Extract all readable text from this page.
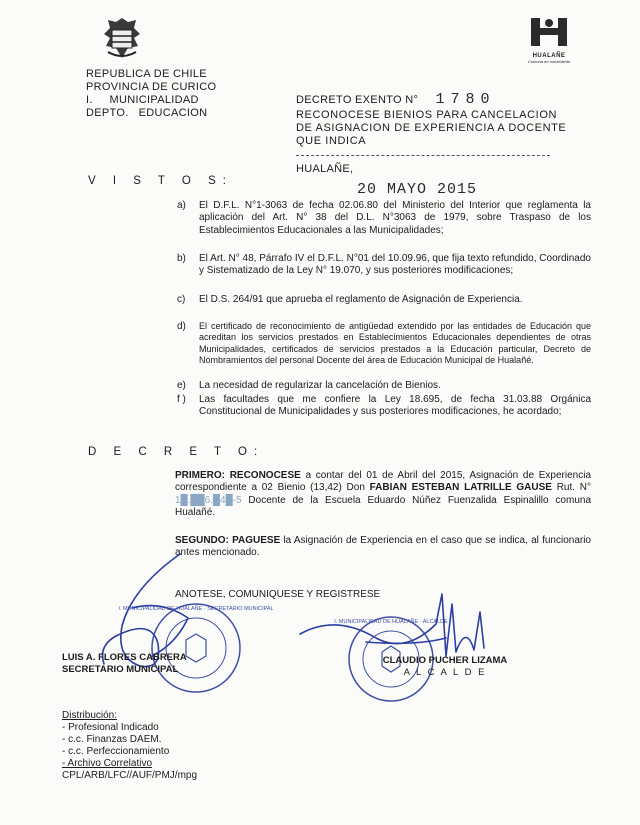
REPUBLICA DE CHILE
PROVINCIA DE CURICO
I.     MUNICIPALIDAD
DEPTO.   EDUCACION
HUALAÑE
Comuna en movimiento
DECRETO EXENTO N° 1780
RECONOCESE BIENIOS PARA CANCELACION
DE ASIGNACION DE EXPERIENCIA A DOCENTE
QUE INDICA
HUALAÑE,
20 MAYO 2015
V I S T O S:
a) El D.F.L. N°1-3063 de fecha 02.06.80 del Ministerio del Interior que reglamenta la aplicación del Art. N° 38 del D.L. N°3063 de 1979, sobre Traspaso de los Establecimientos Educacionales a las Municipalidades;
b) El Art. N° 48, Párrafo IV el D.F.L. N°01 del 10.09.96, que fija texto refundido, Coordinado y Sistematizado de la Ley N° 19.070, y sus posteriores modificaciones;
c) El D.S. 264/91 que aprueba el reglamento de Asignación de Experiencia.
d) El certificado de reconocimiento de antigüedad extendido por las entidades de Educación que acreditan los servicios prestados en Establecimientos Educacionales dependientes de otras Municipalidades, certificados de servicios prestados a la Educación particular, Decreto de Nombramientos del personal Docente del área de Educación Municipal de Hualañé.
e) La necesidad de regularizar la cancelación de Bienios.
f ) Las facultades que me confiere la Ley 18.695, de fecha 31.03.88 Orgánica Constitucional de Municipalidades y sus posteriores modificaciones, he acordado;
D E C R E T O:
PRIMERO: RECONOCESE a contar del 01 de Abril del 2015, Asignación de Experiencia correspondiente a 02 Bienio (13,42) Don FABIAN ESTEBAN LATRILLE GAUSE Rut. N° 1█.██6.█4█-5 Docente de la Escuela Eduardo Núñez Fuenzalida Espinalillo comuna Hualañé.
SEGUNDO: PAGUESE la Asignación de Experiencia en el caso que se indica, al funcionario antes mencionado.
ANOTESE, COMUNIQUESE Y REGISTRESE
I. MUNICIPALIDAD DE HUALAÑE · SECRETARIO MUNICIPAL
I. MUNICIPALIDAD DE HUALAÑE · ALCALDE
LUIS A. FLORES CABRERA
SECRETARIO MUNICIPAL
CLAUDIO PUCHER LIZAMA
A L C A L D E
Distribución:
- Profesional Indicado
- c.c. Finanzas DAEM.
- c.c. Perfeccionamiento
- Archivo Correlativo
CPL/ARB/LFC//AUF/PMJ/mpg
